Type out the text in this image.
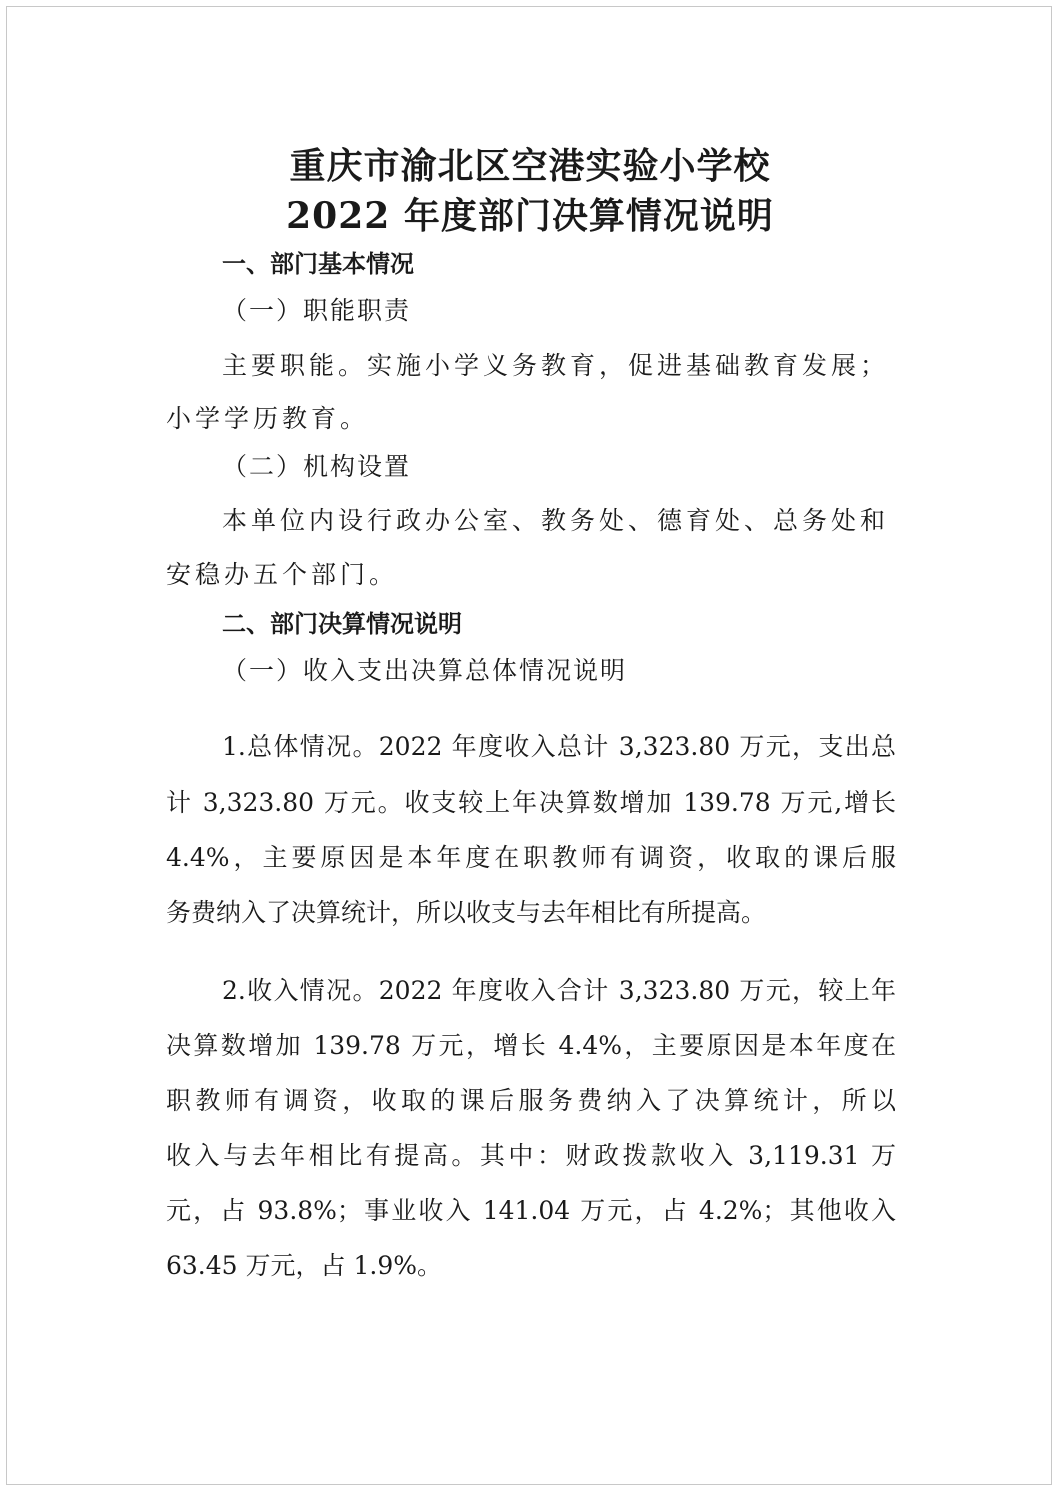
重庆市渝北区空港实验小学校
2022 年度部门决算情况说明
一、部门基本情况
（一）职能职责
主要职能。实施小学义务教育，促进基础教育发展；
小学学历教育。
（二）机构设置
本单位内设行政办公室、教务处、德育处、总务处和
安稳办五个部门。
二、部门决算情况说明
（一）收入支出决算总体情况说明
1.总体情况。2022 年度收入总计 3,323.80 万元，支出总
计 3,323.80 万元。收支较上年决算数增加 139.78 万元,增长
4.4%，主要原因是本年度在职教师有调资，收取的课后服
务费纳入了决算统计，所以收支与去年相比有所提高。
2.收入情况。2022 年度收入合计 3,323.80 万元，较上年
决算数增加 139.78 万元，增长 4.4%，主要原因是本年度在
职教师有调资，收取的课后服务费纳入了决算统计，所以
收入与去年相比有提高。其中：财政拨款收入 3,119.31 万
元，占 93.8%；事业收入 141.04 万元，占 4.2%；其他收入
63.45 万元，占 1.9%。
